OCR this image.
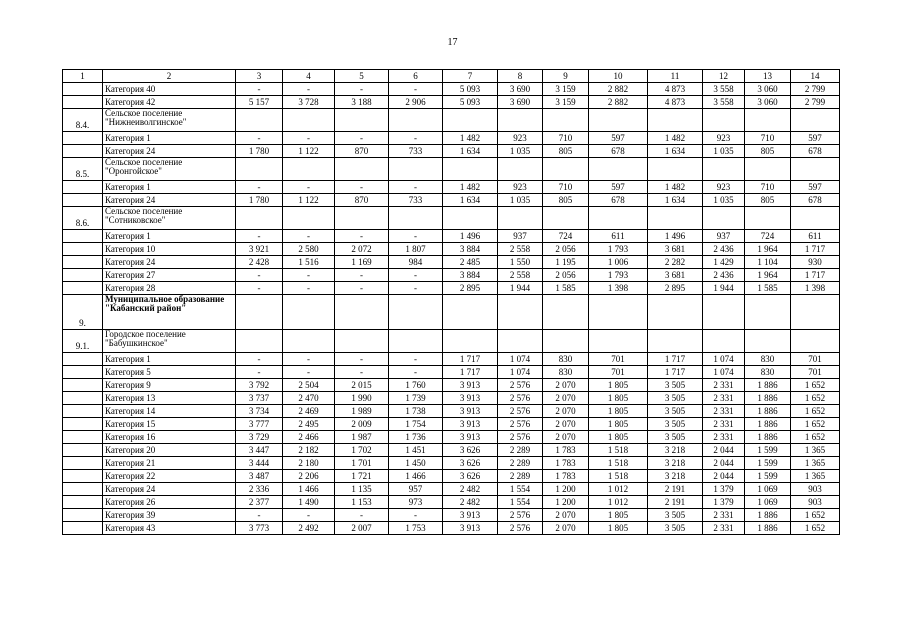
17
1	2	3	4	5	6	7	8	9	10	11	12	13	14
	Категория 40	-	-	-	-	5 093	3 690	3 159	2 882	4 873	3 558	3 060	2 799
	Категория 42	5 157	3 728	3 188	2 906	5 093	3 690	3 159	2 882	4 873	3 558	3 060	2 799
8.4.	Сельское поселение "Нижнеиволгинское"												
	Категория 1	-	-	-	-	1 482	923	710	597	1 482	923	710	597
	Категория 24	1 780	1 122	870	733	1 634	1 035	805	678	1 634	1 035	805	678
8.5.	Сельское поселение "Оронгойское"												
	Категория 1	-	-	-	-	1 482	923	710	597	1 482	923	710	597
	Категория 24	1 780	1 122	870	733	1 634	1 035	805	678	1 634	1 035	805	678
8.6.	Сельское поселение "Сотниковское"												
	Категория 1	-	-	-	-	1 496	937	724	611	1 496	937	724	611
	Категория 10	3 921	2 580	2 072	1 807	3 884	2 558	2 056	1 793	3 681	2 436	1 964	1 717
	Категория 24	2 428	1 516	1 169	984	2 485	1 550	1 195	1 006	2 282	1 429	1 104	930
	Категория 27	-	-	-	-	3 884	2 558	2 056	1 793	3 681	2 436	1 964	1 717
	Категория 28	-	-	-	-	2 895	1 944	1 585	1 398	2 895	1 944	1 585	1 398
9.	Муниципальное образование "Кабанский район"												
9.1.	Городское поселение "Бабушкинское"												
	Категория 1	-	-	-	-	1 717	1 074	830	701	1 717	1 074	830	701
	Категория 5	-	-	-	-	1 717	1 074	830	701	1 717	1 074	830	701
	Категория 9	3 792	2 504	2 015	1 760	3 913	2 576	2 070	1 805	3 505	2 331	1 886	1 652
	Категория 13	3 737	2 470	1 990	1 739	3 913	2 576	2 070	1 805	3 505	2 331	1 886	1 652
	Категория 14	3 734	2 469	1 989	1 738	3 913	2 576	2 070	1 805	3 505	2 331	1 886	1 652
	Категория 15	3 777	2 495	2 009	1 754	3 913	2 576	2 070	1 805	3 505	2 331	1 886	1 652
	Категория 16	3 729	2 466	1 987	1 736	3 913	2 576	2 070	1 805	3 505	2 331	1 886	1 652
	Категория 20	3 447	2 182	1 702	1 451	3 626	2 289	1 783	1 518	3 218	2 044	1 599	1 365
	Категория 21	3 444	2 180	1 701	1 450	3 626	2 289	1 783	1 518	3 218	2 044	1 599	1 365
	Категория 22	3 487	2 206	1 721	1 466	3 626	2 289	1 783	1 518	3 218	2 044	1 599	1 365
	Категория 24	2 336	1 466	1 135	957	2 482	1 554	1 200	1 012	2 191	1 379	1 069	903
	Категория 26	2 377	1 490	1 153	973	2 482	1 554	1 200	1 012	2 191	1 379	1 069	903
	Категория 39	-	-	-	-	3 913	2 576	2 070	1 805	3 505	2 331	1 886	1 652
	Категория 43	3 773	2 492	2 007	1 753	3 913	2 576	2 070	1 805	3 505	2 331	1 886	1 652
